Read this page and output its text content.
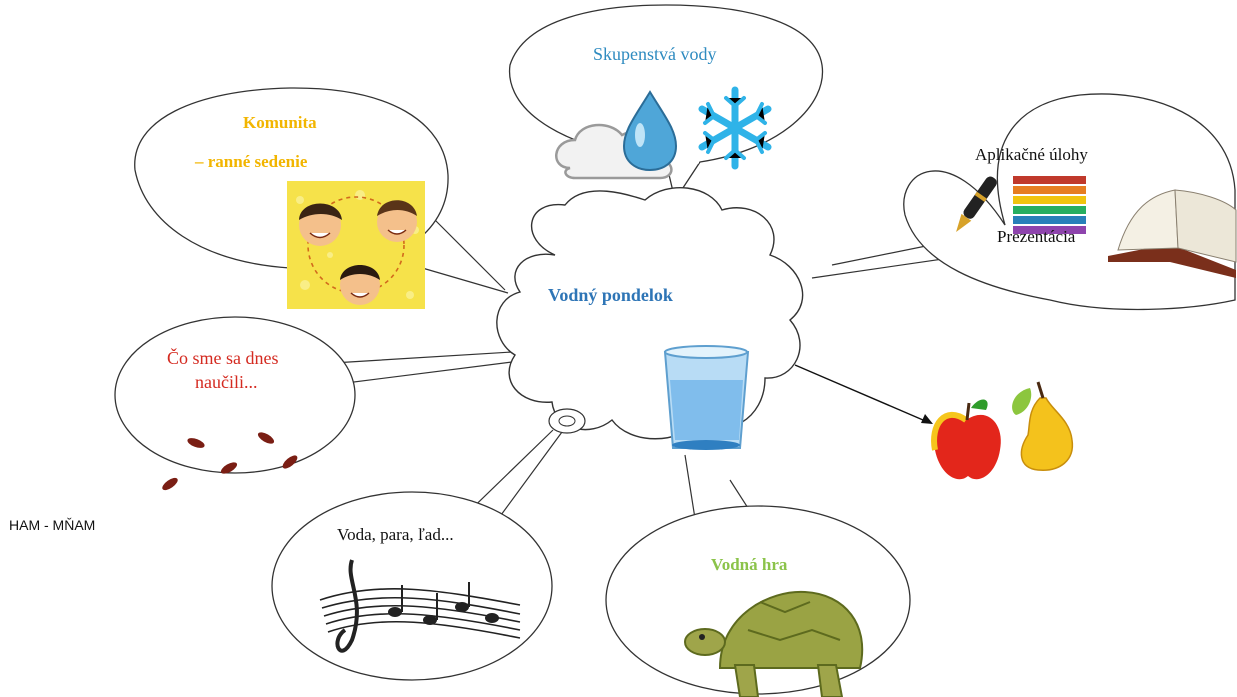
Vodný pondelok
Komunita
– ranné sedenie
Skupenstvá vody
Aplikačné úlohy
Prezentácia
Čo sme sa dnes
naučili...
HAM - MŇAM	Voda, para, ľad...
Vodná hra
